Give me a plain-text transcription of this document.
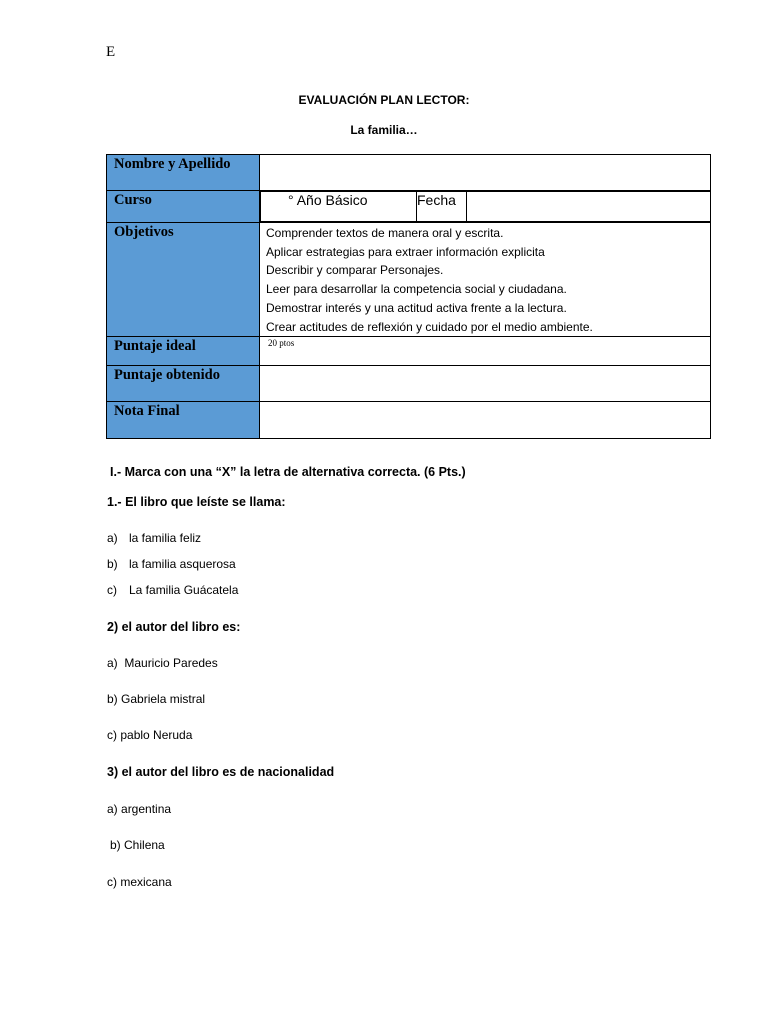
E
EVALUACIÓN PLAN LECTOR:
La familia…
Nombre y Apellido	
Curso		° Año Básico	Fecha	

Objetivos	Comprender textos de manera oral y escrita.
Aplicar estrategias para extraer información explicita
Describir y comparar Personajes.
Leer para desarrollar la competencia social y ciudadana.
Demostrar interés y una actitud activa frente a la lectura.
Crear actitudes de reflexión y cuidado por el medio ambiente.

Puntaje ideal	20 ptos
Puntaje obtenido	
Nota Final	
I.- Marca con una “X” la letra de alternativa correcta. (6 Pts.)
1.- El libro que leíste se llama:
a) la familia feliz
b) la familia asquerosa
c) La familia Guácatela
2) el autor del libro es:
a) Mauricio Paredes
b) Gabriela mistral
c) pablo Neruda
3) el autor del libro es de nacionalidad
a) argentina
b) Chilena
c) mexicana
